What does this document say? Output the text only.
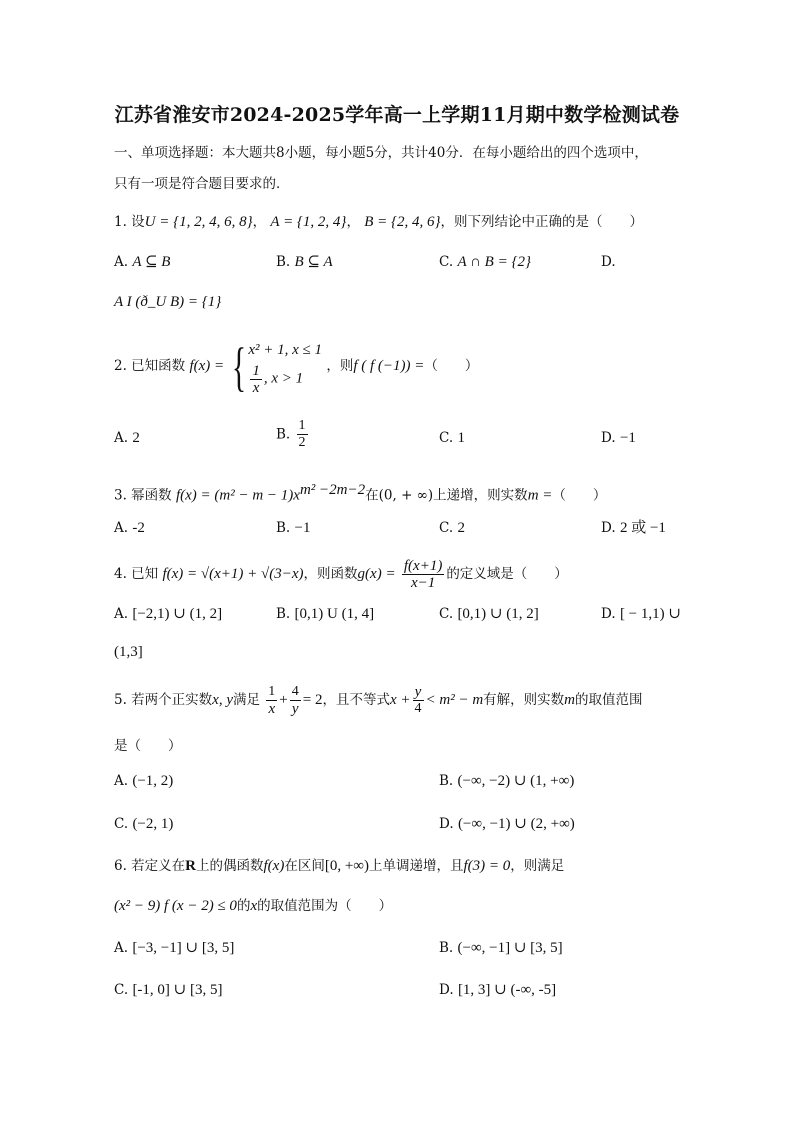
江苏省淮安市2024-2025学年高一上学期11月期中数学检测试卷
一、单项选择题：本大题共8小题，每小题5分，共计40分．在每小题给出的四个选项中，
只有一项是符合题目要求的．
1. 设U = {1, 2, 4, 6, 8}， A = {1, 2, 4}， B = {2, 4, 6}，则下列结论中正确的是（　　）
A. A ⊆ B	B. B ⊆ A	C. A ∩ B = {2}	D.
A I (ð_U B) = {1}
2. 已知函数 f(x) = { x² + 1, x ≤ 1
$\frac{1}{x}$ , x > 1
，则f ( f (−1)) =（　　）
A. 2	B. $\frac{1}{2}$	C. 1	D. −1
3. 幂函数 $f(x) = (m^2 - m - 1)x^{m^2 -2m-2}$在(0, + ∞)上递增，则实数m =（　　）
A. -2	B. −1	C. 2	D. 2 或 −1
4. 已知 f(x) = √(x+1) + √(3−x)，则函数$g(x) = \frac{f(x+1)}{x-1}$ 的定义域是（　　）
A. [−2,1) ∪ (1, 2]	B. [0,1) U (1, 4]	C. [0,1) ∪ (1, 2]	D. [ − 1,1) ∪
(1,3]
5. 若两个正实数x, y满足 $\frac{1}{x} + \frac{4}{y} = 2$，且不等式$x + \frac{y}{4} < m^2 - m$有解，则实数m的取值范围
是（　　）
A. (−1, 2)	B. (−∞, −2) ∪ (1, +∞)
C. (−2, 1)	D. (−∞, −1) ∪ (2, +∞)
6. 若定义在R上的偶函数f(x)在区间[0, +∞)上单调递增，且f(3) = 0，则满足
(x² − 9) f (x − 2) ≤ 0的x的取值范围为（　　）
A. [−3, −1] ∪ [3, 5]	B. (−∞, −1] ∪ [3, 5]
C. [-1, 0] ∪ [3, 5]	D. [1, 3] ∪ (-∞, -5]
